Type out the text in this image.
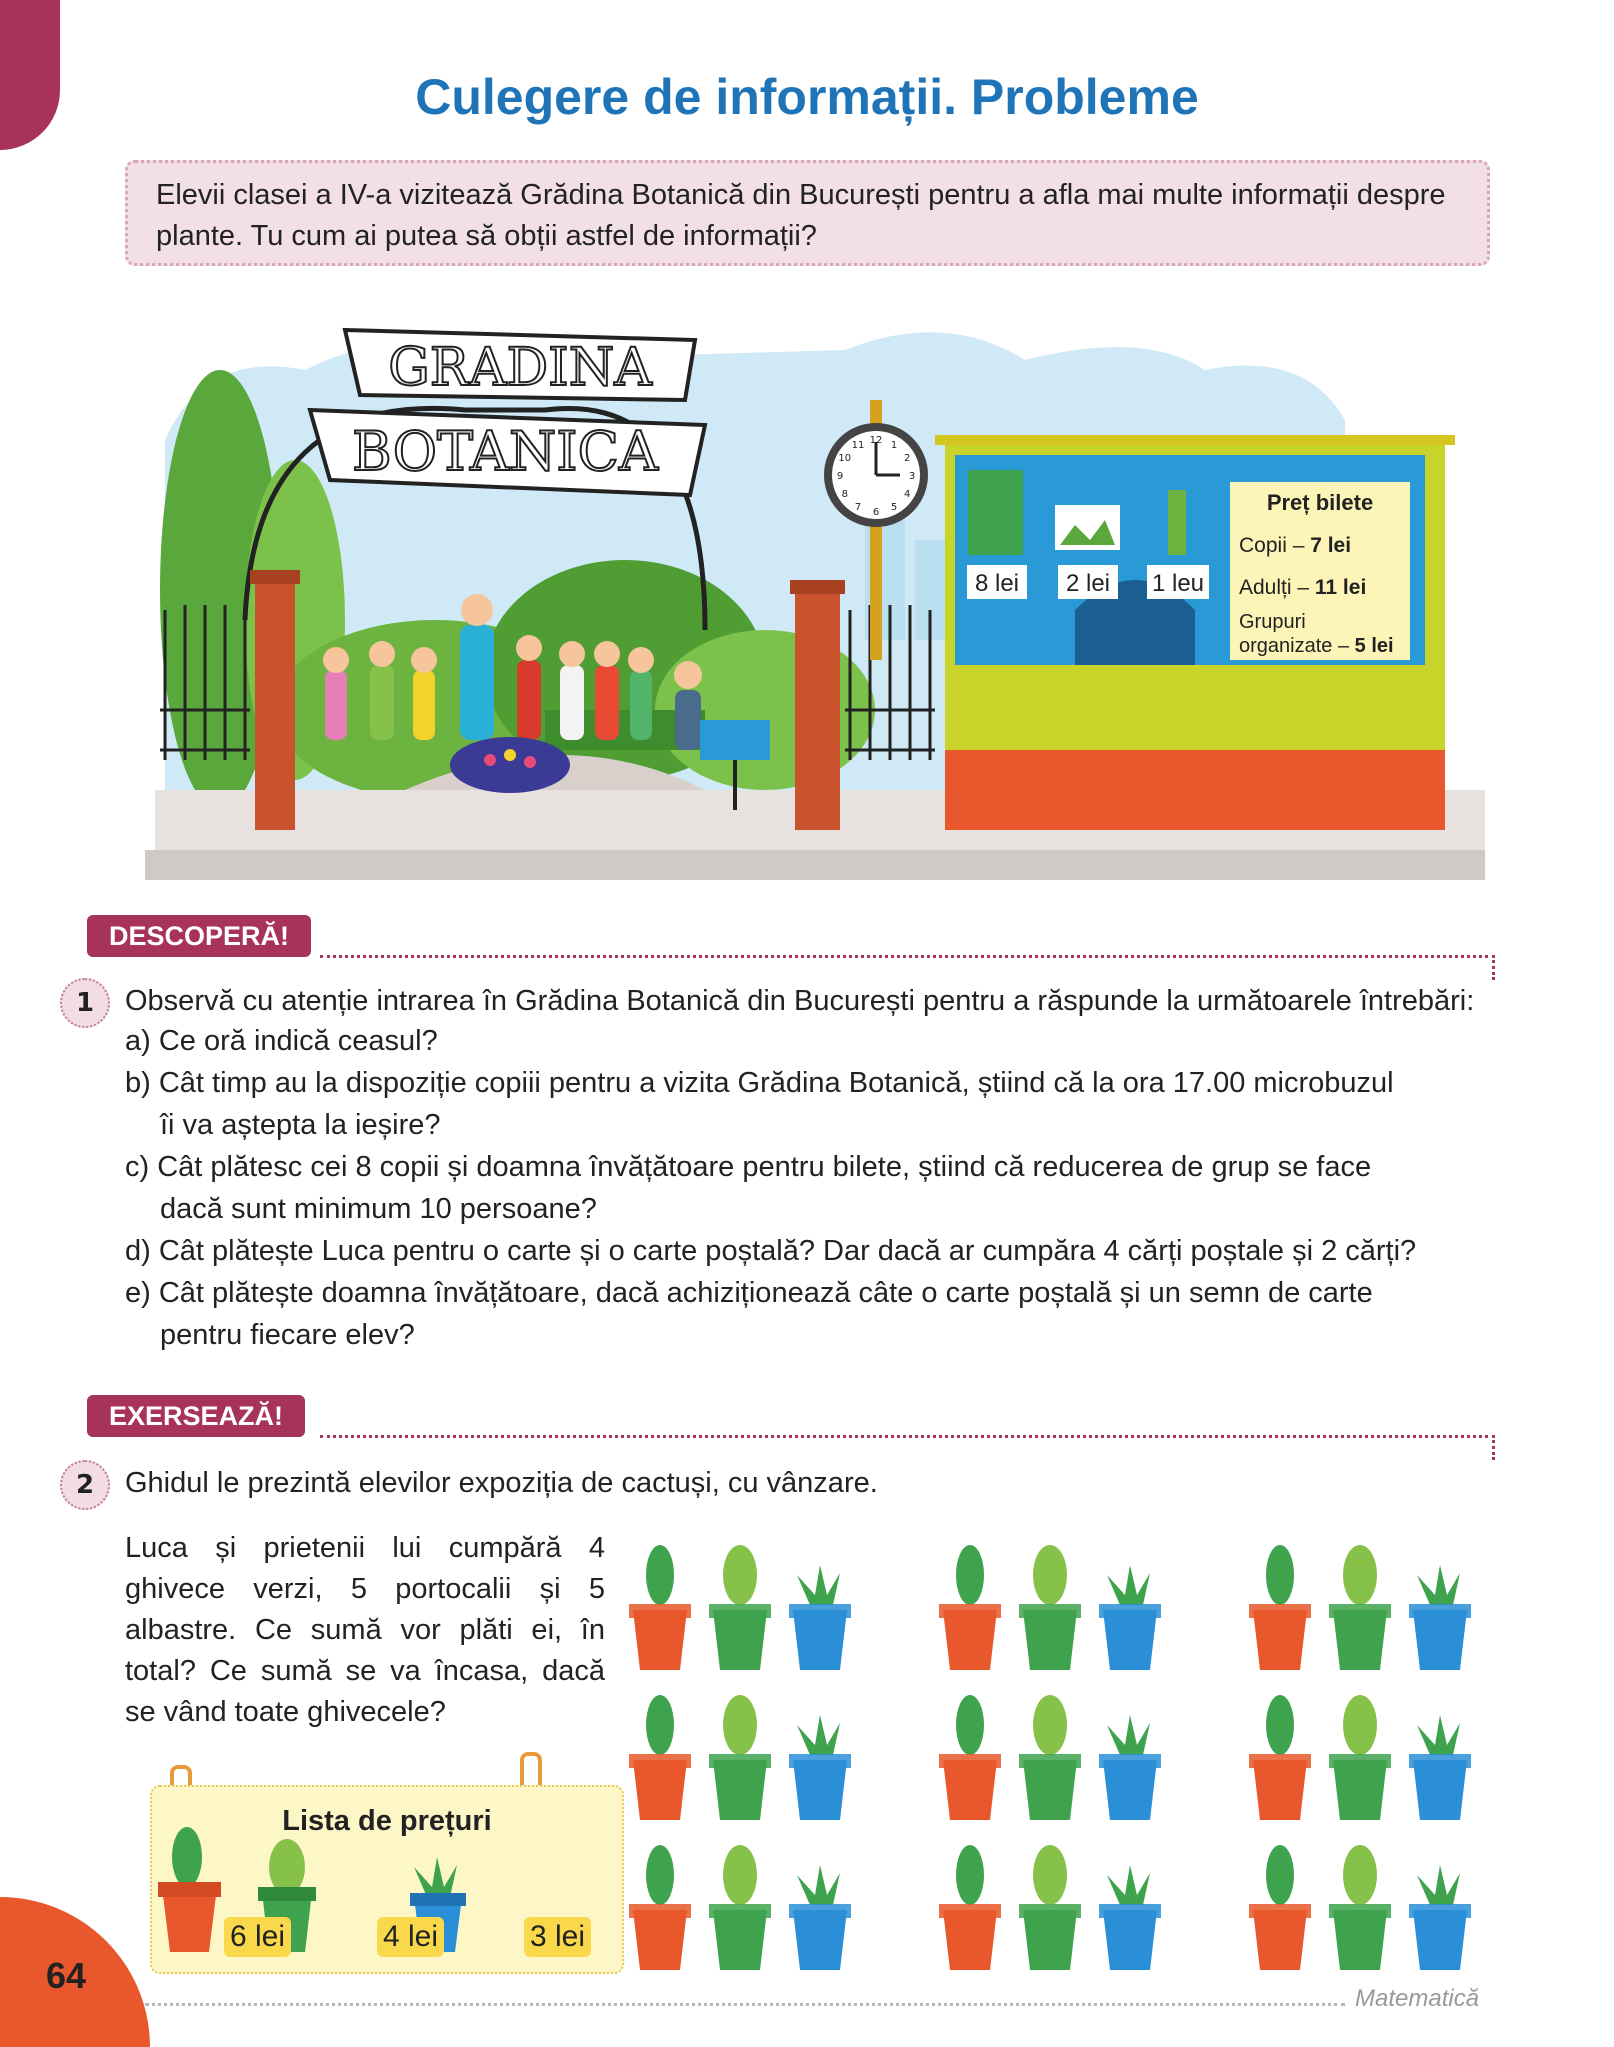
Culegere de informații. Probleme
Elevii clasei a IV-a vizitează Grădina Botanică din București pentru a afla mai multe informații despre plante. Tu cum ai putea să obții astfel de informații?
GRADINA
BOTANICA	12 1
2
3
4
5
6
7
8
9
10
11
8 lei 2 lei 1 leu
Preț bilete
Copii – 7 lei
Adulți – 11 lei
Grupuri
organizate – 5 lei
DESCOPERĂ!
1	Observă cu atenție intrarea în Grădina Botanică din București pentru a răspunde la următoarele întrebări:
a) Ce oră indică ceasul?
b) Cât timp au la dispoziție copiii pentru a vizita Grădina Botanică, știind că la ora 17.00 microbuzul
îi va aștepta la ieșire?
c) Cât plătesc cei 8 copii și doamna învățătoare pentru bilete, știind că reducerea de grup se face
dacă sunt minimum 10 persoane?
d) Cât plătește Luca pentru o carte și o carte poștală? Dar dacă ar cumpăra 4 cărți poștale și 2 cărți?
e) Cât plătește doamna învățătoare, dacă achiziționează câte o carte poștală și un semn de carte
pentru fiecare elev?
EXERSEAZĂ!
2	Ghidul le prezintă elevilor expoziția de cactuși, cu vânzare.
Luca și prietenii lui cumpără 4 ghivece verzi, 5 portocalii și 5 albastre. Ce sumă vor plăti ei, în total? Ce sumă se va încasa, dacă se vând toate ghivecele?
Lista de prețuri
6 lei	4 lei	3 lei
64
Matematică
